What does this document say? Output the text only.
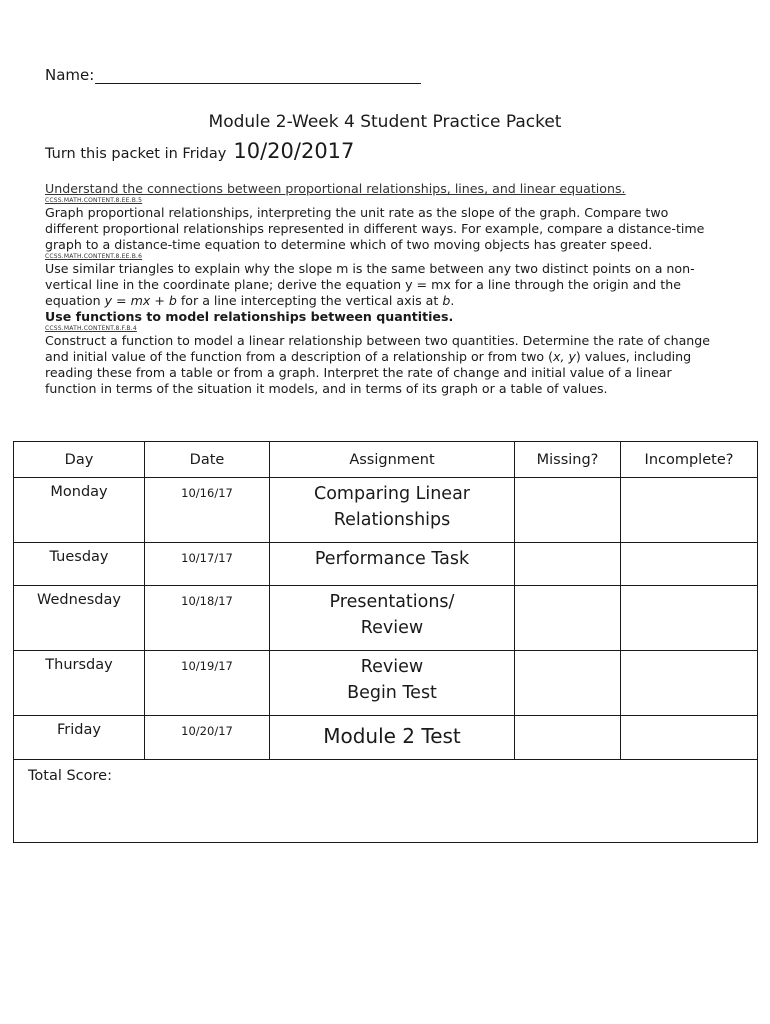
Name:
Module 2-Week 4 Student Practice Packet
Turn this packet in Friday 10/20/2017

Understand the connections between proportional relationships, lines, and linear equations.

CCSS.MATH.CONTENT.8.EE.B.5

Graph proportional relationships, interpreting the unit rate as the slope of the graph. Compare two different proportional relationships represented in different ways. For example, compare a distance-time graph to a distance-time equation to determine which of two moving objects has greater speed.

CCSS.MATH.CONTENT.8.EE.B.6

Use similar triangles to explain why the slope m is the same between any two distinct points on a non-vertical line in the coordinate plane; derive the equation y = mx for a line through the origin and the equation y = mx + b for a line intercepting the vertical axis at b.

Use functions to model relationships between quantities.

CCSS.MATH.CONTENT.8.F.B.4

Construct a function to model a linear relationship between two quantities. Determine the rate of change and initial value of the function from a description of a relationship or from two (x, y) values, including reading these from a table or from a graph. Interpret the rate of change and initial value of a linear function in terms of the situation it models, and in terms of its graph or a table of values.

Day	Date	Assignment	Missing?	Incomplete?
Monday	10/16/17	Comparing Linear
Relationships		

Tuesday	10/17/17	Performance Task		

Wednesday	10/18/17	Presentations/
Review		

Thursday	10/19/17	Review
Begin Test		

Friday	10/20/17	Module 2 Test		

Total Score:				
